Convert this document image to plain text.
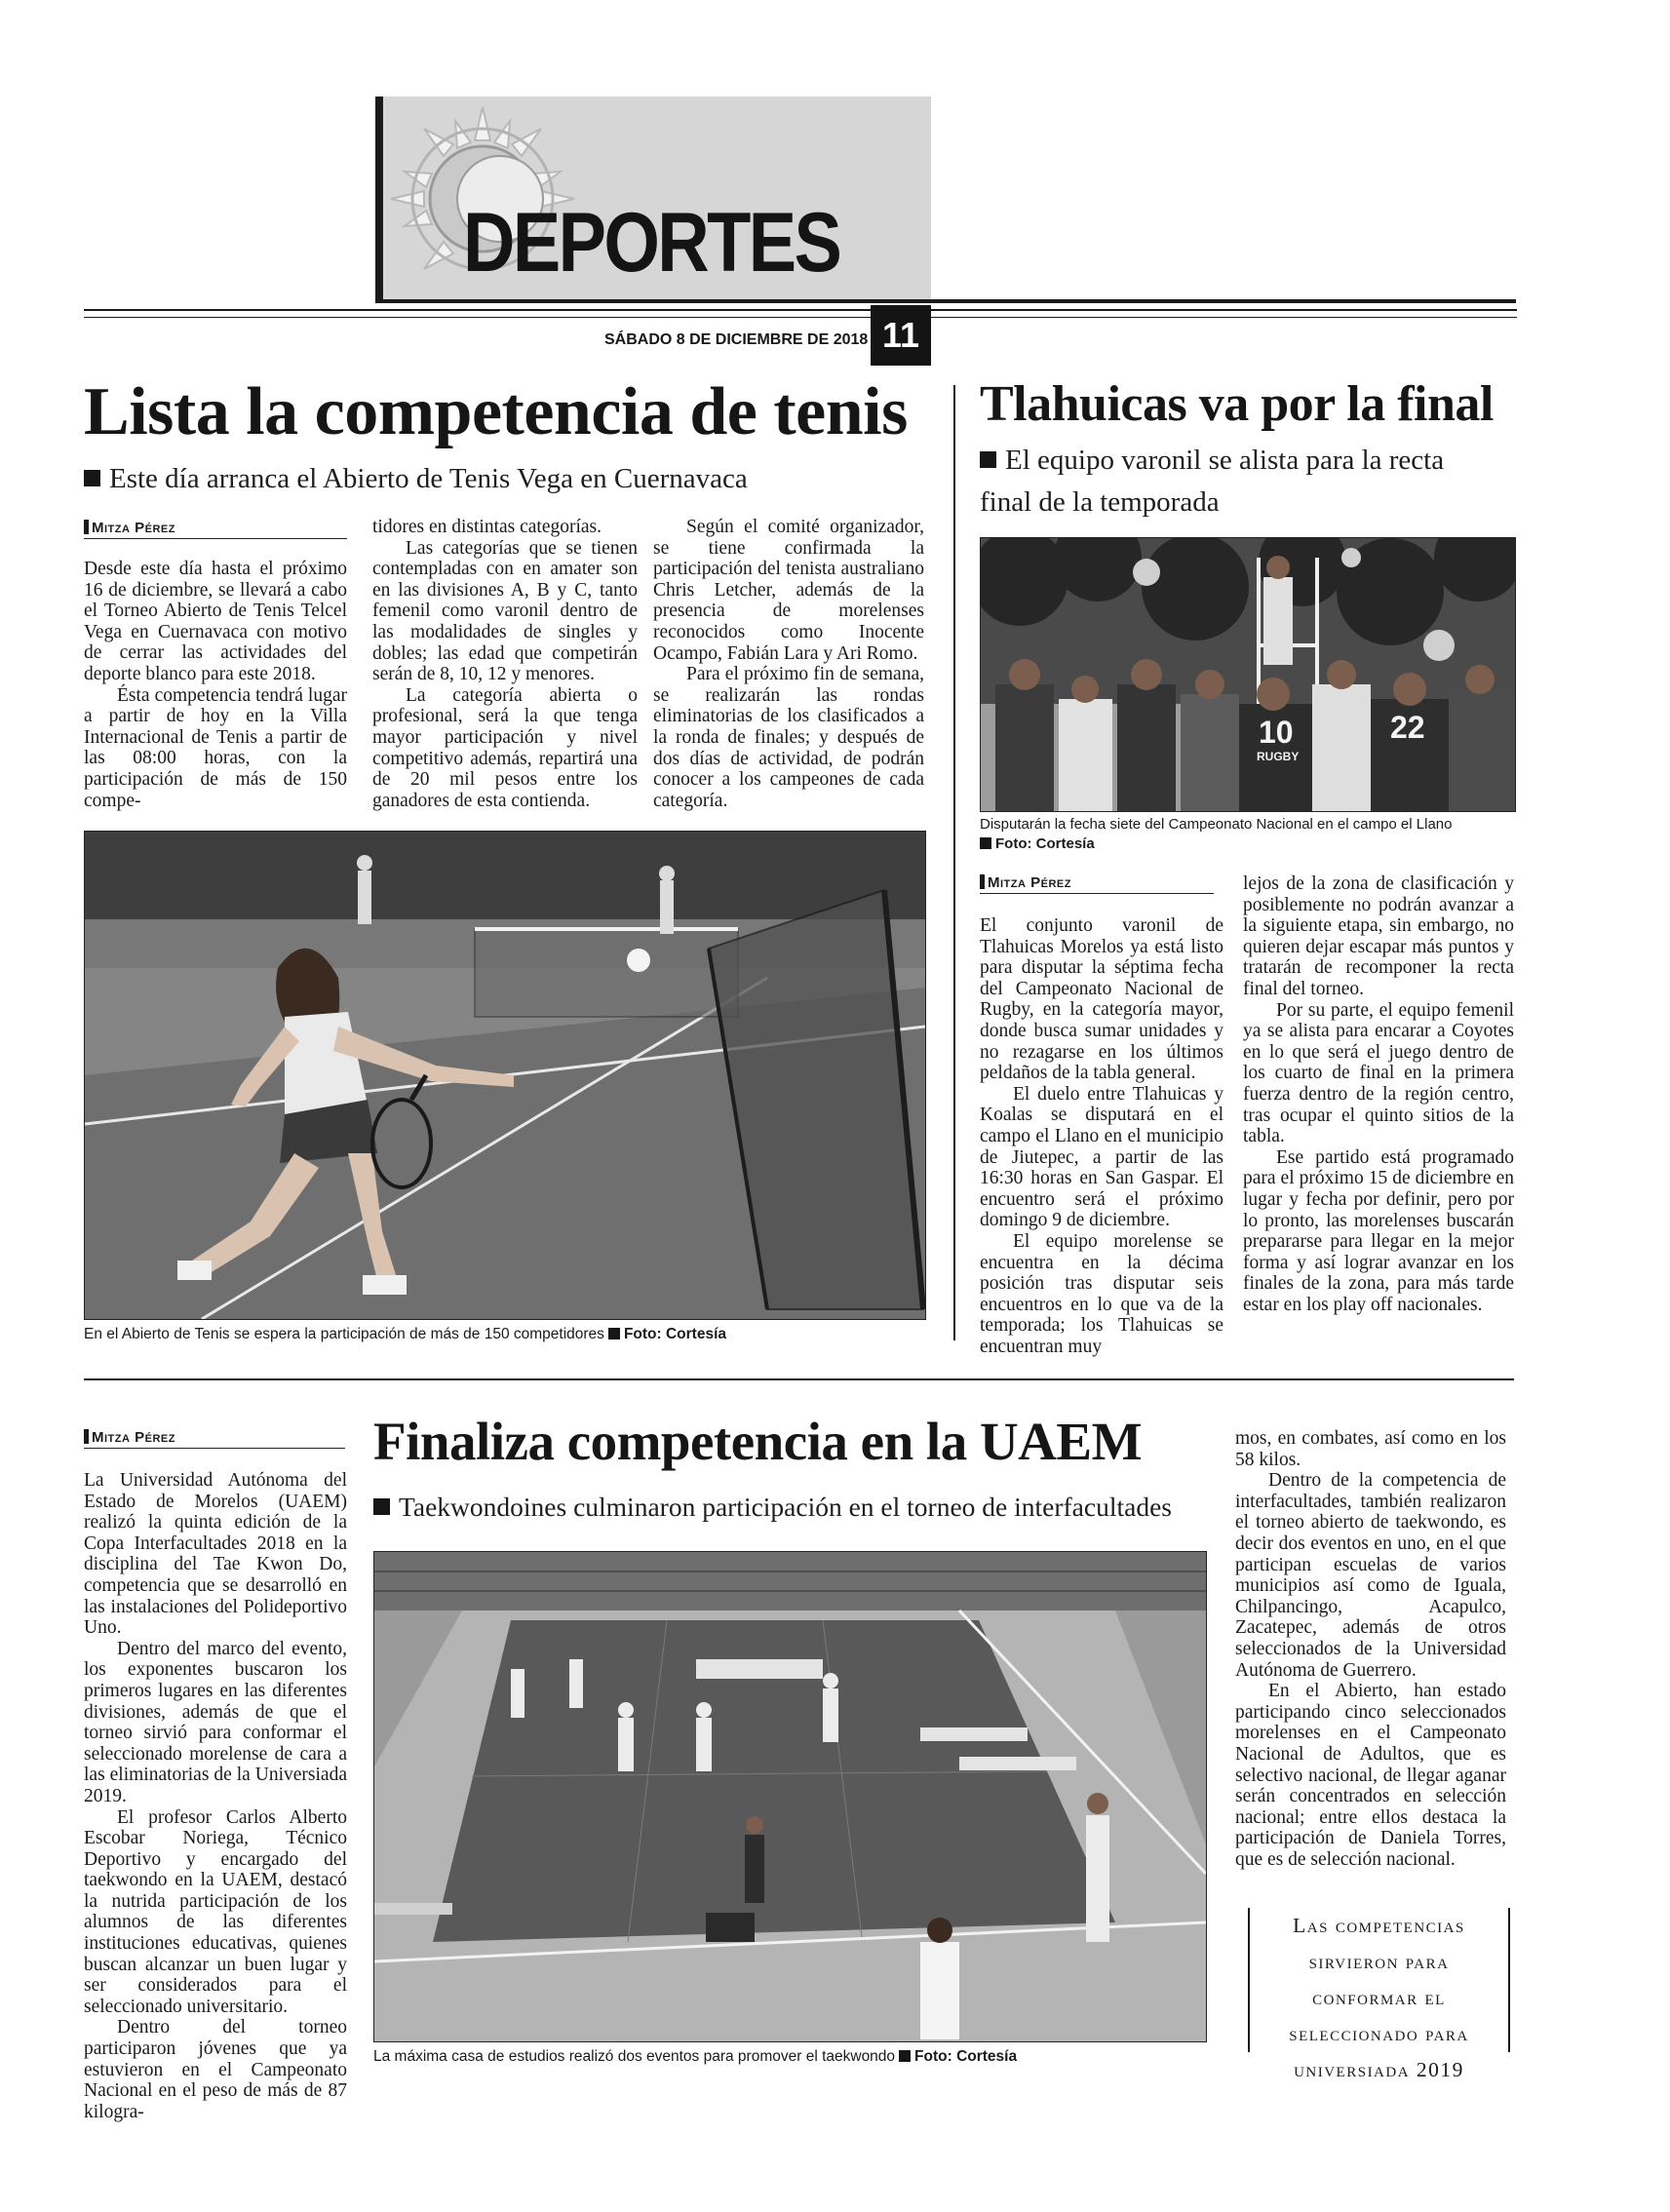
DEPORTES
SÁBADO 8 DE DICIEMBRE DE 2018 11
Lista la competencia de tenis
Este día arranca el Abierto de Tenis Vega en Cuernavaca
Mitza Pérez

Desde este día hasta el próximo 16 de diciembre, se llevará a cabo el Torneo Abierto de Tenis Telcel Vega en Cuernavaca con motivo de cerrar las actividades del deporte blanco para este 2018.

Ésta competencia tendrá lugar a partir de hoy en la Villa Internacional de Tenis a partir de las 08:00 horas, con la participación de más de 150 compe-

tidores en distintas categorías.

Las categorías que se tienen contempladas con en amater son en las divisiones A, B y C, tanto femenil como varonil dentro de las modalidades de singles y dobles; las edad que competirán serán de 8, 10, 12 y menores.

La categoría abierta o profesional, será la que tenga mayor participación y nivel competitivo además, repartirá una de 20 mil pesos entre los ganadores de esta contienda.

Según el comité organizador, se tiene confirmada la participación del tenista australiano Chris Letcher, además de la presencia de morelenses reconocidos como Inocente Ocampo, Fabián Lara y Ari Romo.

Para el próximo fin de semana, se realizarán las rondas eliminatorias de los clasificados a la ronda de finales; y después de dos días de actividad, de podrán conocer a los campeones de cada categoría.

En el Abierto de Tenis se espera la participación de más de 150 competidores Foto: Cortesía
Tlahuicas va por la final
El equipo varonil se alista para la recta
final de la temporada
10
RUGBY
22
Disputarán la fecha siete del Campeonato Nacional en el campo el Llano
Foto: Cortesía
Mitza Pérez

El conjunto varonil de Tlahuicas Morelos ya está listo para disputar la séptima fecha del Campeonato Nacional de Rugby, en la categoría mayor, donde busca sumar unidades y no rezagarse en los últimos peldaños de la tabla general.

El duelo entre Tlahuicas y Koalas se disputará en el campo el Llano en el municipio de Jiutepec, a partir de las 16:30 horas en San Gaspar. El encuentro será el próximo domingo 9 de diciembre.

El equipo morelense se encuentra en la décima posición tras disputar seis encuentros en lo que va de la temporada; los Tlahuicas se encuentran muy

lejos de la zona de clasificación y posiblemente no podrán avanzar a la siguiente etapa, sin embargo, no quieren dejar escapar más puntos y tratarán de recomponer la recta final del torneo.

Por su parte, el equipo femenil ya se alista para encarar a Coyotes en lo que será el juego dentro de los cuarto de final en la primera fuerza dentro de la región centro, tras ocupar el quinto sitios de la tabla.

Ese partido está programado para el próximo 15 de diciembre en lugar y fecha por definir, pero por lo pronto, las morelenses buscarán prepararse para llegar en la mejor forma y así lograr avanzar en los finales de la zona, para más tarde estar en los play off nacionales.

Mitza Pérez

La Universidad Autónoma del Estado de Morelos (UAEM) realizó la quinta edición de la Copa Interfacultades 2018 en la disciplina del Tae Kwon Do, competencia que se desarrolló en las instalaciones del Polideportivo Uno.

Dentro del marco del evento, los exponentes buscaron los primeros lugares en las diferentes divisiones, además de que el torneo sirvió para conformar el seleccionado morelense de cara a las eliminatorias de la Universiada 2019.

El profesor Carlos Alberto Escobar Noriega, Técnico Deportivo y encargado del taekwondo en la UAEM, destacó la nutrida participación de los alumnos de las diferentes instituciones educativas, quienes buscan alcanzar un buen lugar y ser considerados para el seleccionado universitario.

Dentro del torneo participaron jóvenes que ya estuvieron en el Campeonato Nacional en el peso de más de 87 kilogra-

Finaliza competencia en la UAEM
Taekwondoines culminaron participación en el torneo de interfacultades
La máxima casa de estudios realizó dos eventos para promover el taekwondo Foto: Cortesía

mos, en combates, así como en los 58 kilos.

Dentro de la competencia de interfacultades, también realizaron el torneo abierto de taekwondo, es decir dos eventos en uno, en el que participan escuelas de varios municipios así como de Iguala, Chilpancingo, Acapulco, Zacatepec, además de otros seleccionados de la Universidad Autónoma de Guerrero.

En el Abierto, han estado participando cinco seleccionados morelenses en el Campeonato Nacional de Adultos, que es selectivo nacional, de llegar aganar serán concentrados en selección nacional; entre ellos destaca la participación de Daniela Torres, que es de selección nacional.

Las competencias
sirvieron para
conformar el
seleccionado para
universiada 2019
